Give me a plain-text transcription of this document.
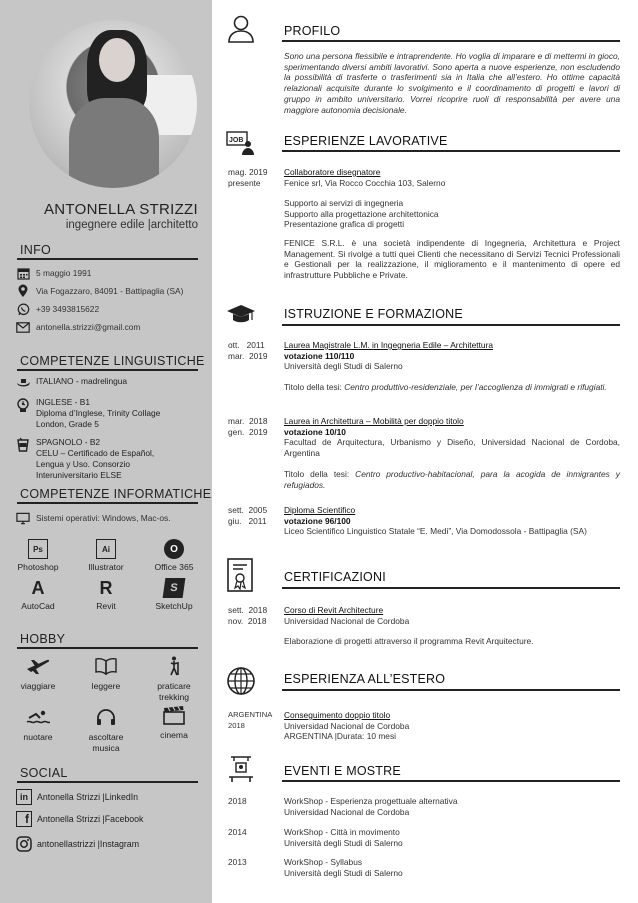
ANTONELLA STRIZZI
ingegnere edile |architetto
INFO
5 maggio 1991
Via Fogazzaro, 84091 - Battipaglia (SA)
+39 3493815622
antonella.strizzi@gmail.com
COMPETENZE LINGUISTICHE
ITALIANO - madrelingua
INGLESE - B1
Diploma d’Inglese, Trinity Collage
London, Grade 5
SPAGNOLO - B2
CELU – Certificado de Español,
Lengua y Uso. Consorzio
Interuniversitario ELSE
COMPETENZE INFORMATICHE
Sistemi operativi: Windows, Mac-os.
Ps
Photoshop
Ai
Illustrator
O
Office 365
A
AutoCad
R
Revit
S
SketchUp
HOBBY
viaggiare	leggere	praticare trekking
nuotare	ascoltare musica
cinema
SOCIAL
in	Antonella Strizzi |LinkedIn
f Antonella Strizzi |Facebook
antonellastrizzi |Instagram
PROFILO
Sono una persona flessibile e intraprendente. Ho voglia di imparare e di mettermi in gioco, sperimentando diversi ambiti lavorativi. Sono aperta a nuove esperienze, non escludendo la possibilità di trasferte o trasferimenti sia in Italia che all’estero. Ho ottime capacità relazionali acquisite durante lo svolgimento e il coordinamento di progetti e lavori di gruppo in ambito universitario. Vorrei ricoprire ruoli di responsabilità per avere una maggiore autonomia decisionale.
JOB	ESPERIENZE LAVORATIVE
mag. 2019
presente
Collaboratore disegnatore
Fenice srl, Via Rocco Cocchia 103, Salerno
Supporto ai servizi di ingegneria
Supporto alla progettazione architettonica
Presentazione grafica di progetti
FENICE S.R.L. è una società indipendente di Ingegneria, Architettura e Project Management. Si rivolge a tutti quei Clienti che necessitano di Servizi Tecnici Professionali e Gestionali per la realizzazione, il miglioramento e il mantenimento di opere ed infrastrutture Pubbliche e Private.
ISTRUZIONE E FORMAZIONE
ott.   2011
mar.  2019
Laurea Magistrale L.M. in Ingegneria Edile – Architettura
votazione 110/110
Università degli Studi di Salerno
Titolo della tesi: Centro produttivo-residenziale, per l’accoglienza di immigrati e rifugiati.
mar.  2018
gen.  2019
Laurea in Architettura – Mobilità per doppio titolo
votazione 10/10
Facultad de Arquitectura, Urbanismo y Diseño, Universidad Nacional de Cordoba, Argentina
Titolo della tesi: Centro productivo-habitacional, para la acogida de inmigrantes y refugiados.
sett.  2005
giu.   2011
Diploma Scientifico
votazione 96/100
Liceo Scientifico Linguistico Statale “E. Medi”, Via Domodossola - Battipaglia (SA)
CERTIFICAZIONI
sett.  2018
nov.  2018
Corso di Revit Architecture
Universidad Nacional de Cordoba
Elaborazione di progetti attraverso il programma Revit Arquitecture.
ESPERIENZA ALL’ESTERO
ARGENTINA
2018
Conseguimento doppio titolo
Universidad Nacional de Cordoba
ARGENTINA |Durata: 10 mesi
EVENTI E MOSTRE
2018	WorkShop - Esperienza progettuale alternativa
Universidad Nacional de Cordoba
2014	WorkShop - Città in movimento
Università degli Studi di Salerno
2013	WorkShop - Syllabus
Università degli Studi di Salerno
